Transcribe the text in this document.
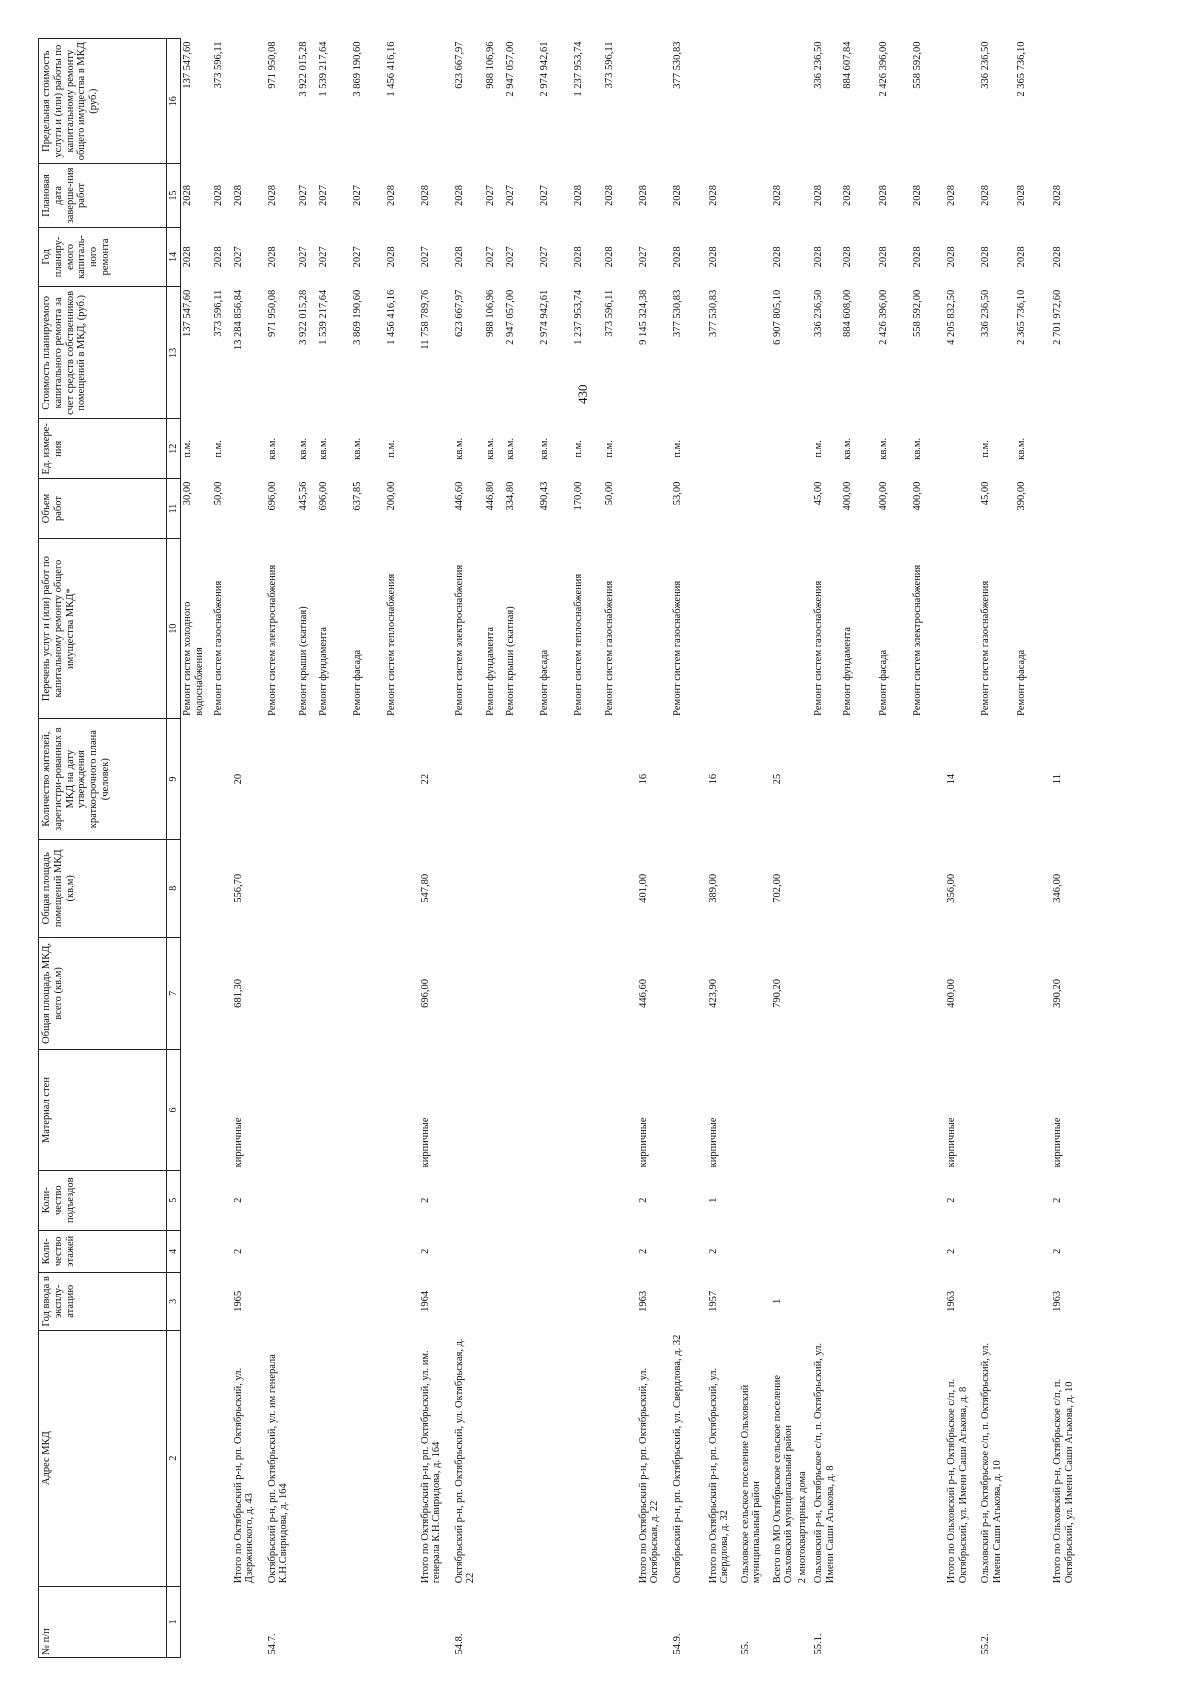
430
№ п/п	Адрес МКД	Год ввода в эксплу-атацию	Коли-чество этажей	Коли-чество подъездов	Материал стен	Общая площадь МКД, всего (кв.м)	Общая площадь помещений МКД (кв.м)	Количество жителей, зарегистри-рованных в МКД на дату утверждения краткосрочного плана (человек)	Перечень услуг и (или) работ по капитальному ремонту общего имущества МКД*	Объем работ	Ед. измере-ния	Стоимость планируемого капитального ремонта за счет средств собственников помещений в МКД, (руб.)	Год планиру-емого капиталь-ного ремонта	Плановая дата заверше-ния работ	Предельная стоимость услуги и (или) работы по капитальному ремонту общего имущества в МКД (руб.)
1	2	3	4	5	6	7	8	9	10	11	12	13	14	15	16
									Ремонт систем холодного водоснабжения	30,00	п.м.	137 547,60	2028	2028	137 547,60
									Ремонт систем газоснабжения	50,00	п.м.	373 596,11	2028	2028	373 596,11
	Итого по Октябрьский р-н, рп. Октябрьский, ул. Дзержинского, д. 43	1965	2	2	кирпичные	681,30	556,70	20				13 284 856,84	2027	2028	
54.7.	Октябрьский р-н, рп. Октябрьский, ул. им генерала К.Н.Свиридова, д. 164								Ремонт систем электроснабжения	696,00	кв.м.	971 950,08	2028	2028	971 950,08
									Ремонт крыши (скатная)	445,56	кв.м.	3 922 015,28	2027	2027	3 922 015,28
									Ремонт фундамента	696,00	кв.м.	1 539 217,64	2027	2027	1 539 217,64
									Ремонт фасада	637,85	кв.м.	3 869 190,60	2027	2027	3 869 190,60
									Ремонт систем теплоснабжения	200,00	п.м.	1 456 416,16	2028	2028	1 456 416,16
	Итого по Октябрьский р-н, рп. Октябрьский, ул. им. генерала К.Н.Свиридова, д. 164	1964	2	2	кирпичные	696,00	547,80	22				11 758 789,76	2027	2028	
54.8.	Октябрьский р-н, рп. Октябрьский, ул. Октябрьская, д. 22								Ремонт систем электроснабжения	446,60	кв.м.	623 667,97	2028	2028	623 667,97
									Ремонт фундамента	446,80	кв.м.	988 106,96	2027	2027	988 106,96
									Ремонт крыши (скатная)	334,80	кв.м.	2 947 057,00	2027	2027	2 947 057,00
									Ремонт фасада	490,43	кв.м.	2 974 942,61	2027	2027	2 974 942,61
									Ремонт систем теплоснабжения	170,00	п.м.	1 237 953,74	2028	2028	1 237 953,74
									Ремонт систем газоснабжения	50,00	п.м.	373 596,11	2028	2028	373 596,11
	Итого по Октябрьский р-н, рп. Октябрьский, ул. Октябрьская, д. 22	1963	2	2	кирпичные	446,60	401,00	16				9 145 324,38	2027	2028	
54.9.	Октябрьский р-н, рп. Октябрьский, ул. Свердлова, д. 32								Ремонт систем газоснабжения	53,00	п.м.	377 530,83	2028	2028	377 530,83
	Итого по Октябрьский р-н, рп. Октябрьский, ул. Свердлова, д. 32	1957	2	1	кирпичные	423,90	389,00	16				377 530,83	2028	2028	
55.	Ольховское сельское поселение Ольховский муниципальный район														
	Всего по МО Октябрьское сельское поселение Ольховский муниципальный район	1				790,20	702,00	25				6 907 805,10	2028	2028	
	2 многоквартирных дома														
55.1.	Ольховский р-н, Октябрьское с/п, п. Октябрьский, ул. Имени Саши Агькова, д. 8								Ремонт систем газоснабжения	45,00	п.м.	336 236,50	2028	2028	336 236,50
									Ремонт фундамента	400,00	кв.м.	884 608,00	2028	2028	884 607,84
									Ремонт фасада	400,00	кв.м.	2 426 396,00	2028	2028	2 426 396,00
									Ремонт систем электроснабжения	400,00	кв.м.	558 592,00	2028	2028	558 592,00
	Итого по Ольховский р-н, Октябрьское с/п, п. Октябрьский, ул. Имени Саши Агькова, д. 8	1963	2	2	кирпичные	400,00	356,00	14				4 205 832,50	2028	2028	
55.2.	Ольховский р-н, Октябрьское с/п, п. Октябрьский, ул. Имени Саши Агькова, д. 10								Ремонт систем газоснабжения	45,00	п.м.	336 236,50	2028	2028	336 236,50
									Ремонт фасада	390,00	кв.м.	2 365 736,10	2028	2028	2 365 736,10
	Итого по Ольховский р-н, Октябрьское с/п, п. Октябрьский, ул. Имени Саши Агькова, д. 10	1963	2	2	кирпичные	390,20	346,00	11				2 701 972,60	2028	2028	
